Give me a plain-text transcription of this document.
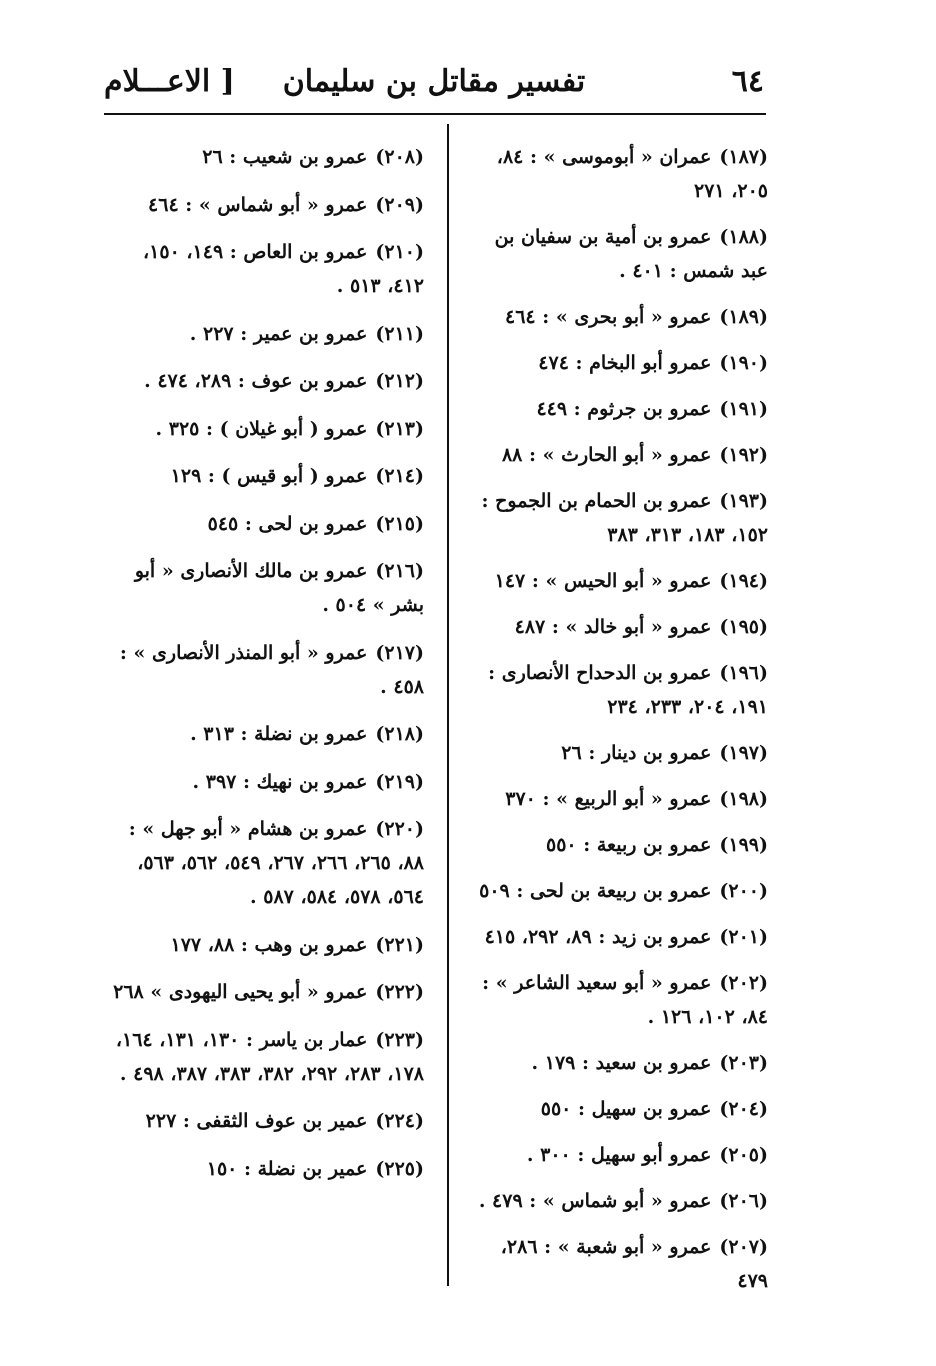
٦٤
تفسير مقاتل بن سليمان
[ الاعـــلام
(١٨٧)عمران « أبوموسى » : ٨٤، ٢٠٥، ٢٧١
(١٨٨)عمرو بن أمية بن سفيان بن عبد شمس : ٤٠١ .
(١٨٩)عمرو « أبو بحرى » : ٤٦٤
(١٩٠)عمرو أبو البخام : ٤٧٤
(١٩١)عمرو بن جرثوم : ٤٤٩
(١٩٢)عمرو « أبو الحارث » : ٨٨
(١٩٣)عمرو بن الحمام بن الجموح : ١٥٢، ١٨٣، ٣١٣، ٣٨٣
(١٩٤)عمرو « أبو الحيس » : ١٤٧
(١٩٥)عمرو « أبو خالد » : ٤٨٧
(١٩٦)عمرو بن الدحداح الأنصارى : ١٩١، ٢٠٤، ٢٣٣، ٢٣٤
(١٩٧)عمرو بن دينار : ٢٦
(١٩٨)عمرو « أبو الربيع » : ٣٧٠
(١٩٩)عمرو بن ربيعة : ٥٥٠
(٢٠٠)عمرو بن ربيعة بن لحى : ٥٠٩
(٢٠١)عمرو بن زيد : ٨٩، ٢٩٢، ٤١٥
(٢٠٢)عمرو « أبو سعيد الشاعر » : ٨٤، ١٠٢، ١٢٦ .
(٢٠٣)عمرو بن سعيد : ١٧٩ .
(٢٠٤)عمرو بن سهيل : ٥٥٠
(٢٠٥)عمرو أبو سهيل : ٣٠٠ .
(٢٠٦)عمرو « أبو شماس » : ٤٧٩ .
(٢٠٧)عمرو « أبو شعبة » : ٢٨٦، ٤٧٩
(٢٠٨)عمرو بن شعيب : ٢٦
(٢٠٩)عمرو « أبو شماس » : ٤٦٤
(٢١٠)عمرو بن العاص : ١٤٩، ١٥٠، ٤١٢، ٥١٣ .
(٢١١)عمرو بن عمير : ٢٢٧ .
(٢١٢)عمرو بن عوف : ٢٨٩، ٤٧٤ .
(٢١٣)عمرو ( أبو غيلان ) : ٣٢٥ .
(٢١٤)عمرو ( أبو قيس ) : ١٢٩
(٢١٥)عمرو بن لحى : ٥٤٥
(٢١٦)عمرو بن مالك الأنصارى « أبو بشر » ٥٠٤ .
(٢١٧)عمرو « أبو المنذر الأنصارى » : ٤٥٨ .
(٢١٨)عمرو بن نضلة : ٣١٣ .
(٢١٩)عمرو بن نهيك : ٣٩٧ .
(٢٢٠)عمرو بن هشام « أبو جهل » : ٨٨، ٢٦٥، ٢٦٦، ٢٦٧، ٥٤٩، ٥٦٢، ٥٦٣، ٥٦٤، ٥٧٨، ٥٨٤، ٥٨٧ .
(٢٢١)عمرو بن وهب : ٨٨، ١٧٧
(٢٢٢)عمرو « أبو يحيى اليهودى » ٢٦٨
(٢٢٣)عمار بن ياسر : ١٣٠، ١٣١، ١٦٤، ١٧٨، ٢٨٣، ٢٩٢، ٣٨٢، ٣٨٣، ٣٨٧، ٤٩٨ .
(٢٢٤)عمير بن عوف الثقفى : ٢٢٧
(٢٢٥)عمير بن نضلة : ١٥٠
